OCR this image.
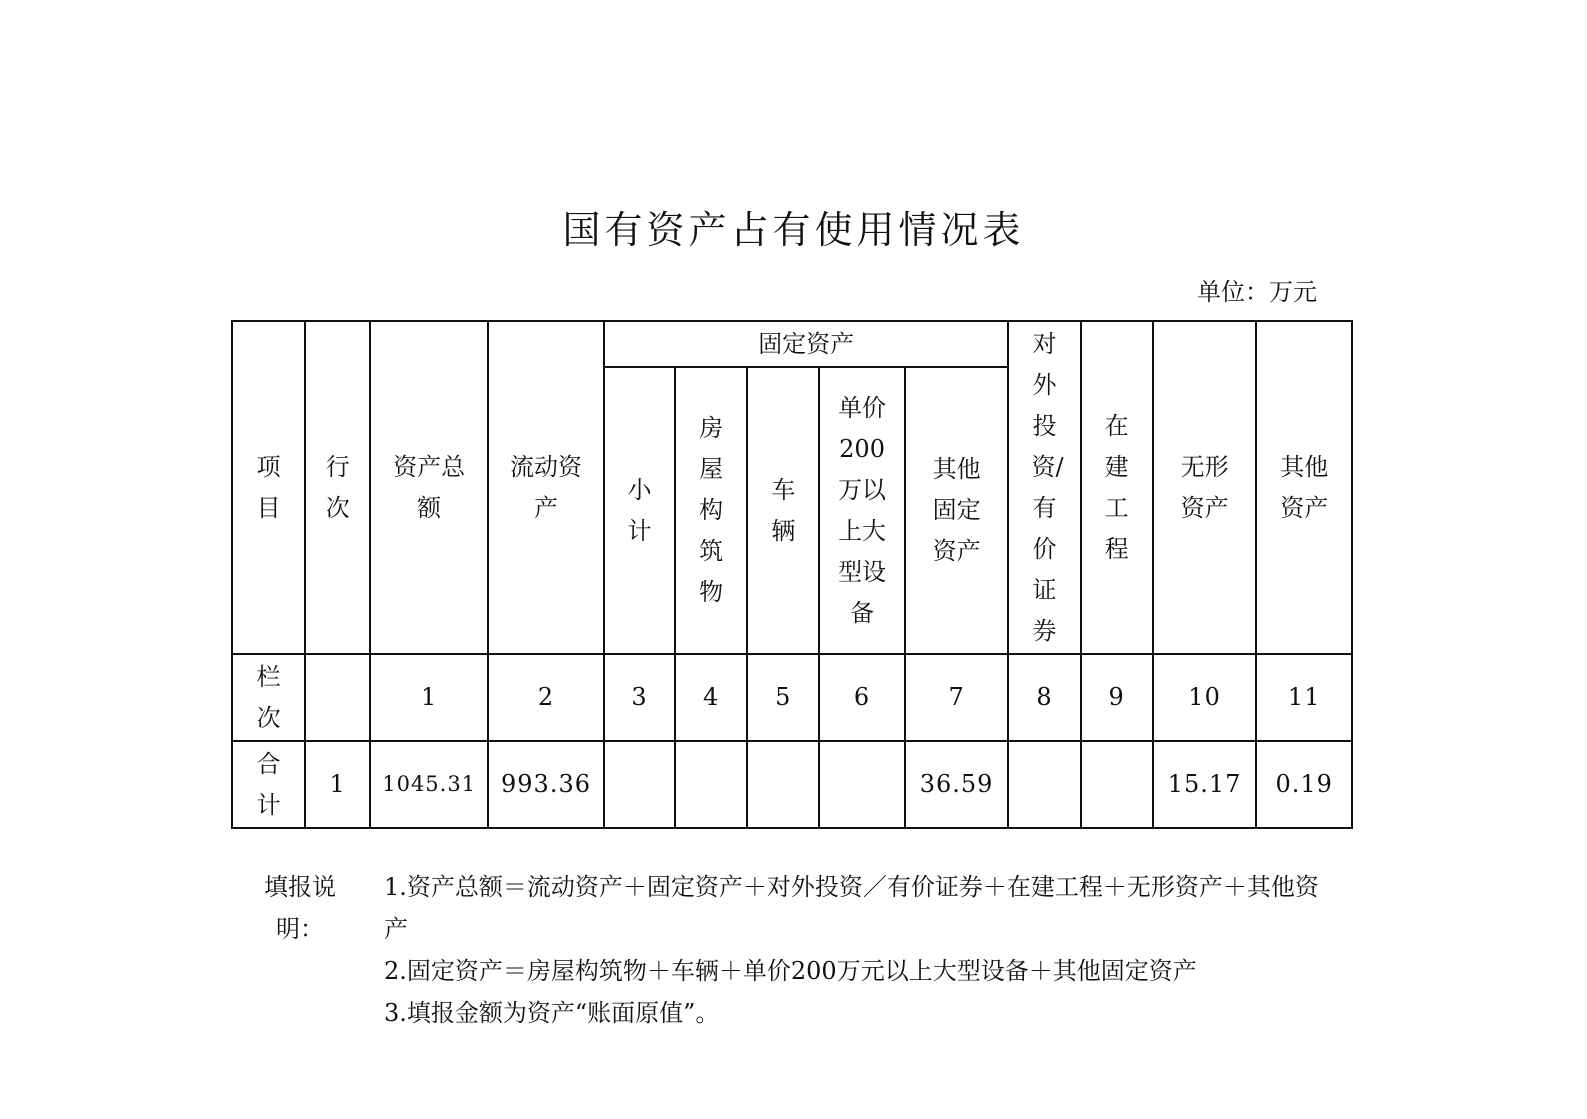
国有资产占有使用情况表
单位：万元
项目	行次	资产总额	流动资产	固定资产					对外投资/有价证券	在建工程	无形资产	其他资产

				小计	房屋构筑物	车辆	单价200万以上大型设备	其他固定资产				

栏次		1	2	3	4	5	6	7	8	9	10	11

合计	1	1045.31	993.36					36.59			15.17	0.19
填报说明：

1.资产总额＝流动资产＋固定资产＋对外投资／有价证券＋在建工程＋无形资产＋其他资产

2.固定资产＝房屋构筑物＋车辆＋单价200万元以上大型设备＋其他固定资产

3.填报金额为资产“账面原值”。
